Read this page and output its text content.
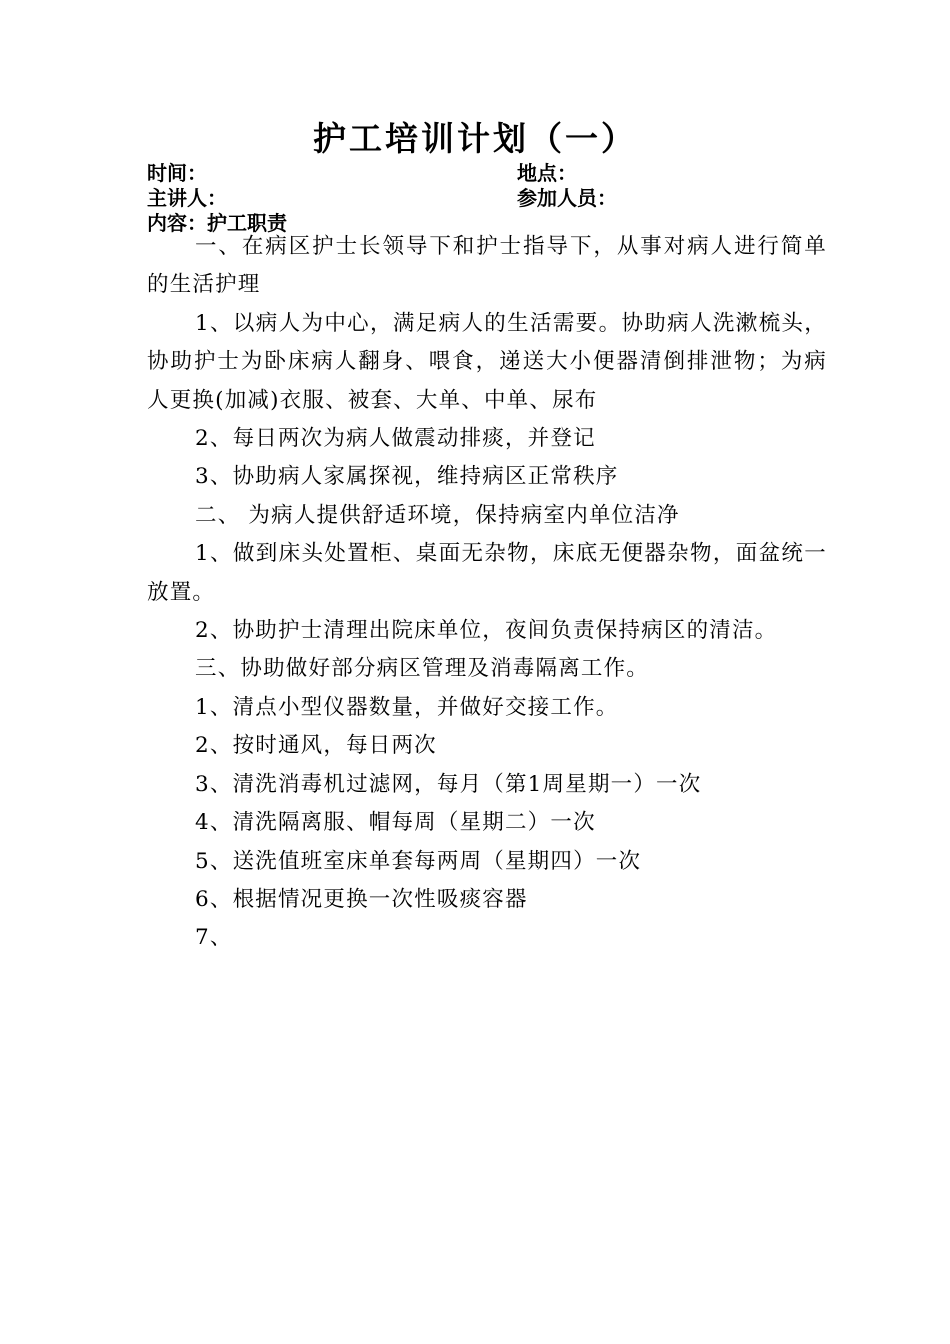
护工培训计划（一）
时间：	地点：
主讲人：	参加人员：
内容：护工职责

一、在病区护士长领导下和护士指导下，从事对病人进行简单的生活护理

1、以病人为中心，满足病人的生活需要。协助病人洗漱梳头，协助护士为卧床病人翻身、喂食，递送大小便器清倒排泄物；为病人更换(加减)衣服、被套、大单、中单、尿布

2、每日两次为病人做震动排痰，并登记

3、协助病人家属探视，维持病区正常秩序

二、 为病人提供舒适环境，保持病室内单位洁净

1、做到床头处置柜、桌面无杂物，床底无便器杂物，面盆统一放置。

2、协助护士清理出院床单位，夜间负责保持病区的清洁。

三、协助做好部分病区管理及消毒隔离工作。

1、清点小型仪器数量，并做好交接工作。

2、按时通风，每日两次

3、清洗消毒机过滤网，每月（第1周星期一）一次

4、清洗隔离服、帽每周（星期二）一次

5、送洗值班室床单套每两周（星期四）一次

6、根据情况更换一次性吸痰容器

7、
